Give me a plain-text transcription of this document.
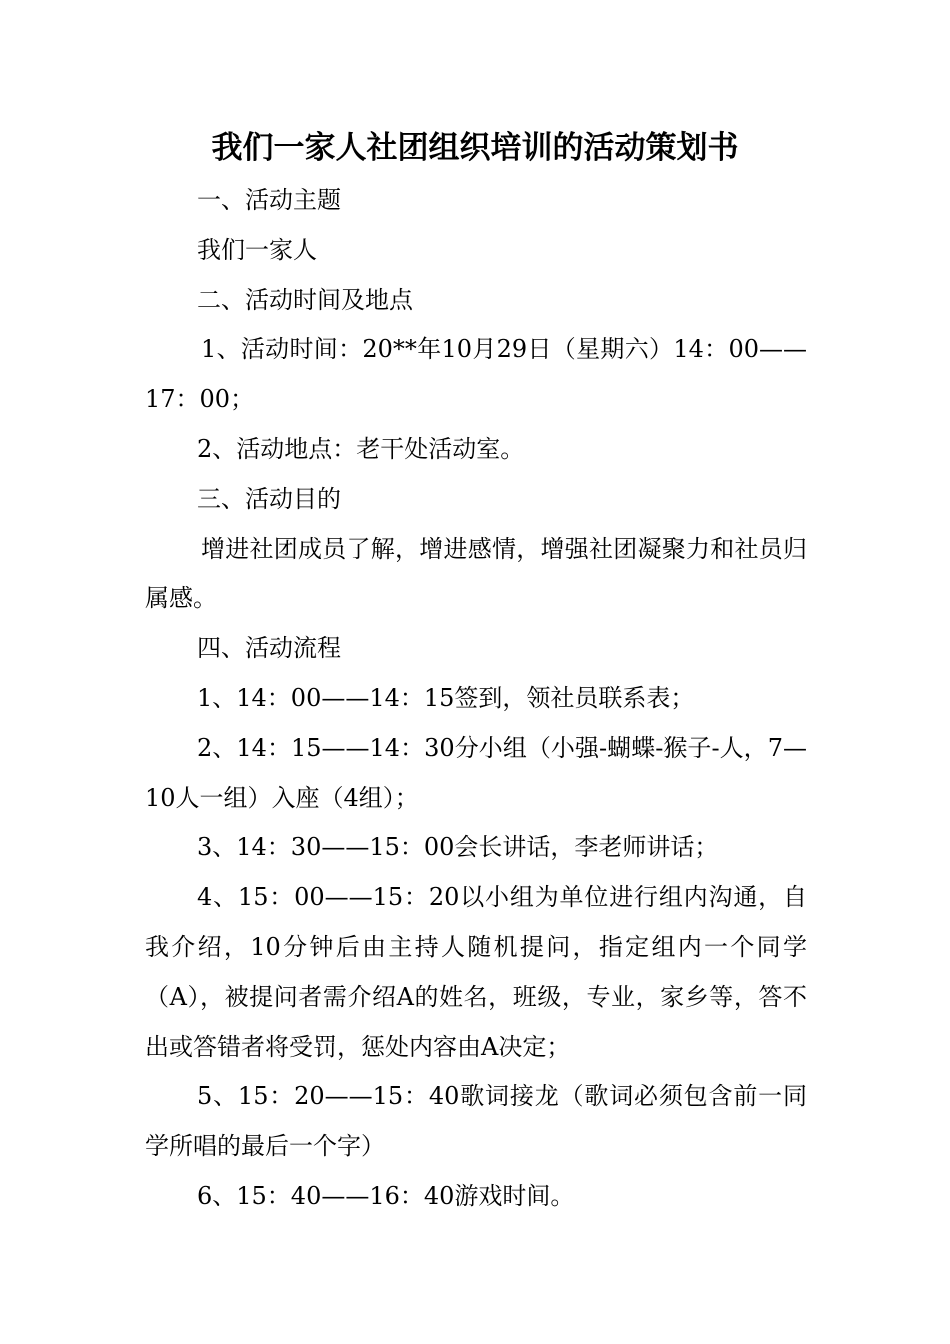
我们一家人社团组织培训的活动策划书

一、活动主题

我们一家人

二、活动时间及地点

1、活动时间：20**年10月29日（星期六）14：00——17：00；

2、活动地点：老干处活动室。

三、活动目的

增进社团成员了解，增进感情，增强社团凝聚力和社员归属感。

四、活动流程

1、14：00——14：15签到，领社员联系表；

2、14：15——14：30分小组（小强-蝴蝶-猴子-人，7—10人一组）入座（4组）；

3、14：30——15：00会长讲话，李老师讲话；

4、15：00——15：20以小组为单位进行组内沟通，自我介绍，10分钟后由主持人随机提问，指定组内一个同学（A），被提问者需介绍A的姓名，班级，专业，家乡等，答不出或答错者将受罚，惩处内容由A决定；

5、15：20——15：40歌词接龙（歌词必须包含前一同学所唱的最后一个字）

6、15：40——16：40游戏时间。
